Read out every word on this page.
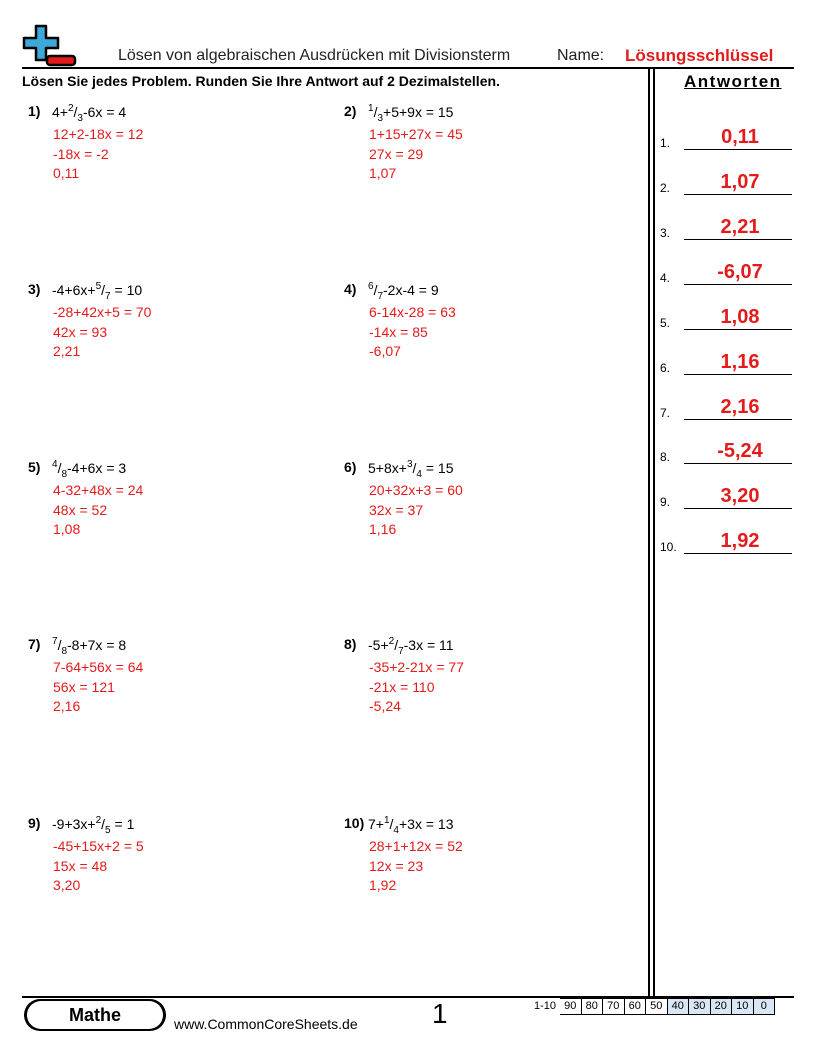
Lösen von algebraischen Ausdrücken mit Divisionsterm	Name: Lösungsschlüssel
Lösen Sie jedes Problem. Runden Sie Ihre Antwort auf 2 Dezimalstellen.	Antworten
1.	0,11
2.	1,07
3.	2,21
4.	-6,07
5.	1,08
6.	1,16
7.	2,16
8.	-5,24
9.	3,20
10.	1,92
1) $4+^2/_3-6x = 4$
12+2-18x = 12
-18x = -2
0,11
2) $^1/_3+5+9x = 15$
1+15+27x = 45
27x = 29
1,07
3) $-4+6x+^5/_7 = 10$
-28+42x+5 = 70
42x = 93
2,21
4) $^6/_7-2x-4 = 9$
6-14x-28 = 63
-14x = 85
-6,07
5) $^4/_8-4+6x = 3$
4-32+48x = 24
48x = 52
1,08
6) $5+8x+^3/_4 = 15$
20+32x+3 = 60
32x = 37
1,16
7) $^7/_8-8+7x = 8$
7-64+56x = 64
56x = 121
2,16
8) $-5+^2/_7-3x = 11$
-35+2-21x = 77
-21x = 110
-5,24
9) $-9+3x+^2/_5 = 1$
-45+15x+2 = 5
15x = 48
3,20
10) $7+^1/_4+3x = 13$
28+1+12x = 52
12x = 23
1,92
Mathe	www.CommonCoreSheets.de	1	1-10 90 80 70 60 50 40 30 20 10	0
